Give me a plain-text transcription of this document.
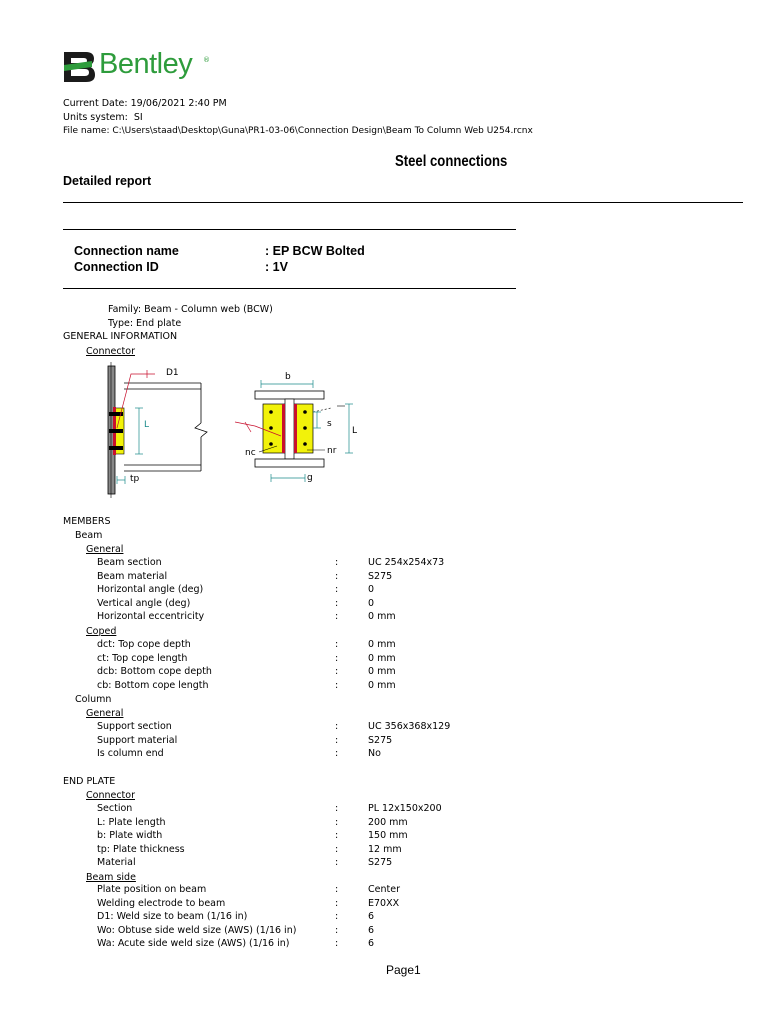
Bentley ®
Current Date: 19/06/2021 2:40 PM
Units system: SI
File name: C:\Users\staad\Desktop\Guna\PR1-03-06\Connection Design\Beam To Column Web U254.rcnx
Steel connections
Detailed report
Connection name	: EP BCW Bolted
Connection ID	: 1V
Family: Beam - Column web (BCW)
Type: End plate
GENERAL INFORMATION
Connector
D1
L
tp
b
s
L
nc	nr
g
MEMBERS
Beam
General
Beam section	:	UC 254x254x73
Beam material	:	S275
Horizontal angle (deg)	:	0
Vertical angle (deg)	:	0
Horizontal eccentricity	:	0 mm
Coped
dct: Top cope depth	:	0 mm
ct: Top cope length	:	0 mm
dcb: Bottom cope depth	:	0 mm
cb: Bottom cope length	:	0 mm
Column
General
Support section	:	UC 356x368x129
Support material	:	S275
Is column end	:	No
END PLATE
Connector
Section	:	PL 12x150x200
L: Plate length	:	200 mm
b: Plate width	:	150 mm
tp: Plate thickness	:	12 mm
Material	:	S275
Beam side
Plate position on beam	:	Center
Welding electrode to beam	:	E70XX
D1: Weld size to beam (1/16 in)	:	6
Wo: Obtuse side weld size (AWS) (1/16 in)	:	6
Wa: Acute side weld size (AWS) (1/16 in)	:	6
Page1
